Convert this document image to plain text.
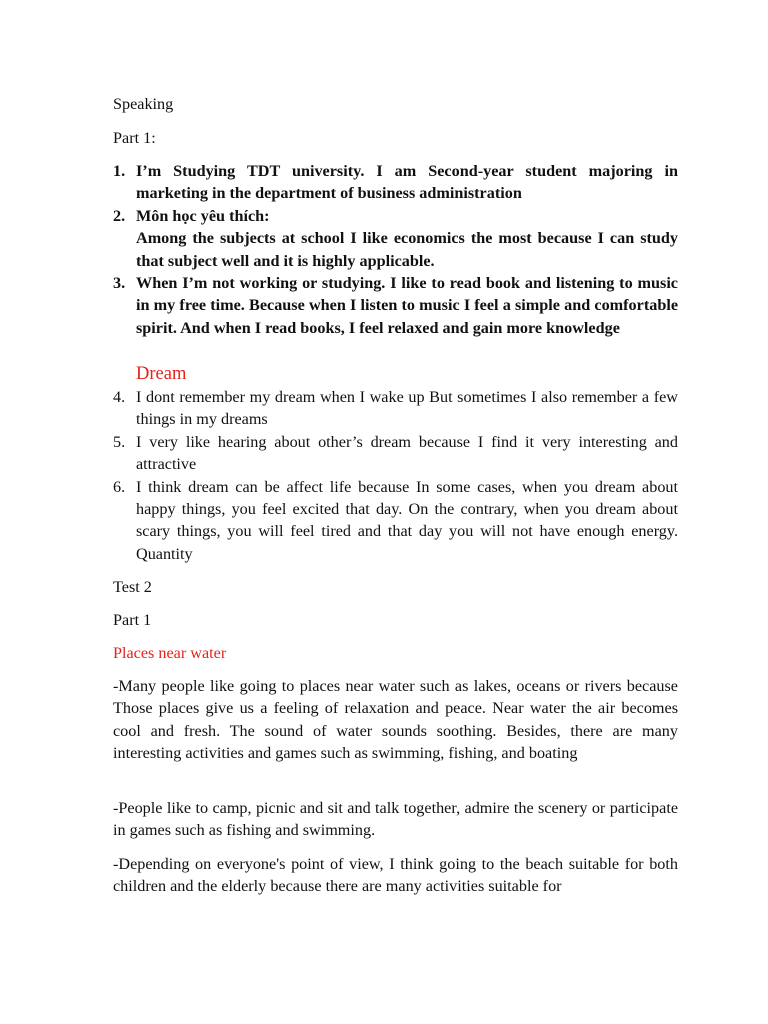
Speaking

Part 1:

1. I’m Studying TDT university. I am Second-year student majoring in marketing in the department of business administration
2. Môn học yêu thích:
Among the subjects at school I like economics the most because I can study that subject well and it is highly applicable.
3. When I’m not working or studying. I like to read book and listening to music in my free time. Because when I listen to music I feel a simple and comfortable spirit. And when I read books, I feel relaxed and gain more knowledge

Dream

4. I dont remember my dream when I wake up But sometimes I also remember a few things in my dreams
5. I very like hearing about other’s dream because I find it very interesting and attractive
6. I think dream can be affect life because In some cases, when you dream about happy things, you feel excited that day. On the contrary, when you dream about scary things, you will feel tired and that day you will not have enough energy. Quantity

Test 2

Part 1

Places near water

-Many people like going to places near water such as lakes, oceans or rivers because Those places give us a feeling of relaxation and peace. Near water the air becomes cool and fresh. The sound of water sounds soothing. Besides, there are many interesting activities and games such as swimming, fishing, and boating

-People like to camp, picnic and sit and talk together, admire the scenery or participate in games such as fishing and swimming.

-Depending on everyone's point of view, I think going to the beach suitable for both children and the elderly because there are many activities suitable for
